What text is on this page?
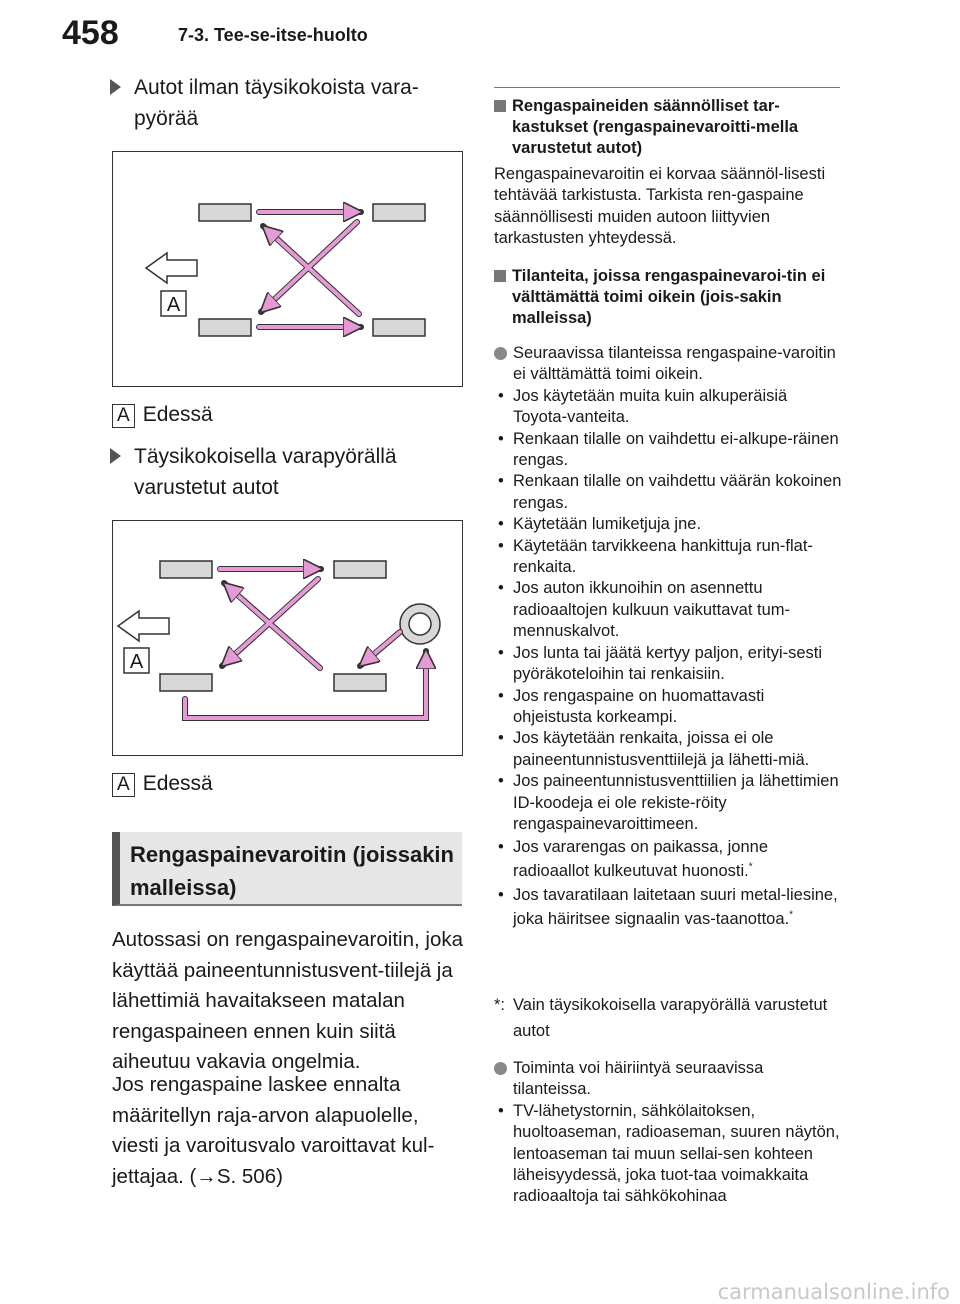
458	7-3. Tee-se-itse-huolto
Autot ilman täysikokoista vara-pyörää
A
A Edessä
Täysikokoisella varapyörällä varustetut autot
A
A Edessä
Rengaspainevaroitin (joissakin malleissa)
Autossasi on rengaspainevaroitin, joka käyttää paineentunnistusvent-tiilejä ja lähettimiä havaitakseen matalan rengaspaineen ennen kuin siitä aiheutuu vakavia ongelmia.
Jos rengaspaine laskee ennalta määritellyn raja-arvon alapuolelle, viesti ja varoitusvalo varoittavat kul-jettajaa. (→S. 506)
Rengaspaineiden säännölliset tar-kastukset (rengaspainevaroitti-mella varustetut autot)
Rengaspainevaroitin ei korvaa säännöl-lisesti tehtävää tarkistusta. Tarkista ren-gaspaine säännöllisesti muiden autoon liittyvien tarkastusten yhteydessä.
Tilanteita, joissa rengaspainevaroi-tin ei välttämättä toimi oikein (jois-sakin malleissa)
Seuraavissa tilanteissa rengaspaine-varoitin ei välttämättä toimi oikein.
• Jos käytetään muita kuin alkuperäisiä Toyota-vanteita.
• Renkaan tilalle on vaihdettu ei-alkupe-räinen rengas.
• Renkaan tilalle on vaihdettu väärän kokoinen rengas.
• Käytetään lumiketjuja jne.
• Käytetään tarvikkeena hankittuja run-flat-renkaita.
• Jos auton ikkunoihin on asennettu radioaaltojen kulkuun vaikuttavat tum-mennuskalvot.
• Jos lunta tai jäätä kertyy paljon, erityi-sesti pyöräkoteloihin tai renkaisiin.
• Jos rengaspaine on huomattavasti ohjeistusta korkeampi.
• Jos käytetään renkaita, joissa ei ole paineentunnistusventtiilejä ja lähetti-miä.
• Jos paineentunnistusventtiilien ja lähettimien ID-koodeja ei ole rekiste-röity rengaspainevaroittimeen.
• Jos vararengas on paikassa, jonne radioaallot kulkeutuvat huonosti.*
• Jos tavaratilaan laitetaan suuri metal-liesine, joka häiritsee signaalin vas-taanottoa.*
*: Vain täysikokoisella varapyörällä varustetut autot
Toiminta voi häiriintyä seuraavissa tilanteissa.
• TV-lähetystornin, sähkölaitoksen, huoltoaseman, radioaseman, suuren näytön, lentoaseman tai muun sellai-sen kohteen läheisyydessä, joka tuot-taa voimakkaita radioaaltoja tai sähkökohinaa
carmanualsonline.info
